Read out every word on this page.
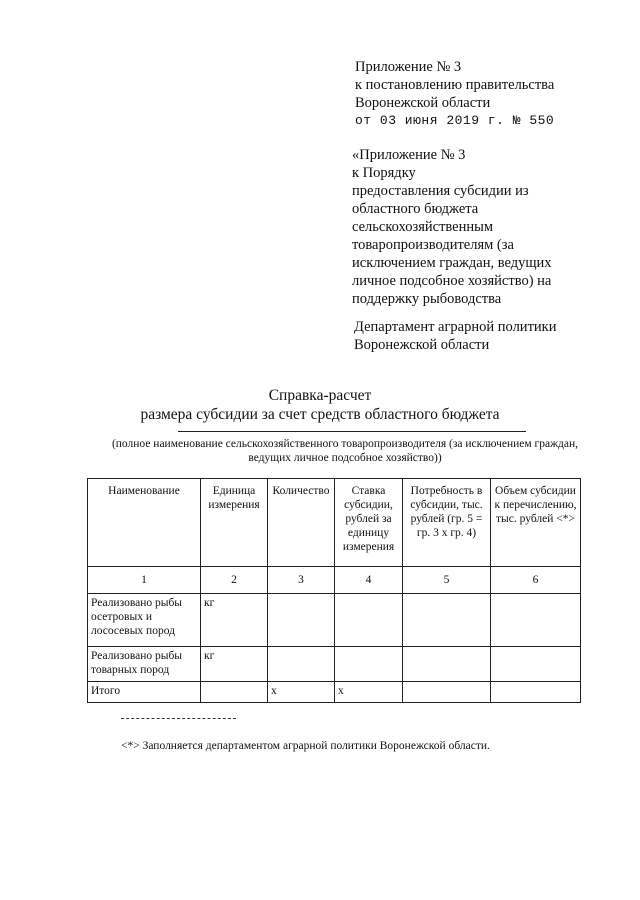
Приложение № 3
к постановлению правительства
Воронежской области
от 03 июня 2019 г. № 550
«Приложение № 3
к Порядку
предоставления субсидии из
областного бюджета
сельскохозяйственным
товаропроизводителям (за
исключением граждан, ведущих
личное подсобное хозяйство) на
поддержку рыбоводства
Департамент аграрной политики
Воронежской области
Справка-расчет
размера субсидии за счет средств областного бюджета
(полное наименование сельскохозяйственного товаропроизводителя (за исключением граждан,
ведущих личное подсобное хозяйство))
Наименование	Единица измерения	Количество	Ставка субсидии, рублей за единицу измерения	Потребность в субсидии, тыс. рублей (гр. 5 = гр. 3 x гр. 4)	Объем субсидии к перечислению, тыс. рублей <*>
1	2	3	4	5	6
Реализовано рыбы осетровых и лососевых пород	кг				
Реализовано рыбы товарных пород	кг				
Итого		x	x		
<*> Заполняется департаментом аграрной политики Воронежской области.
